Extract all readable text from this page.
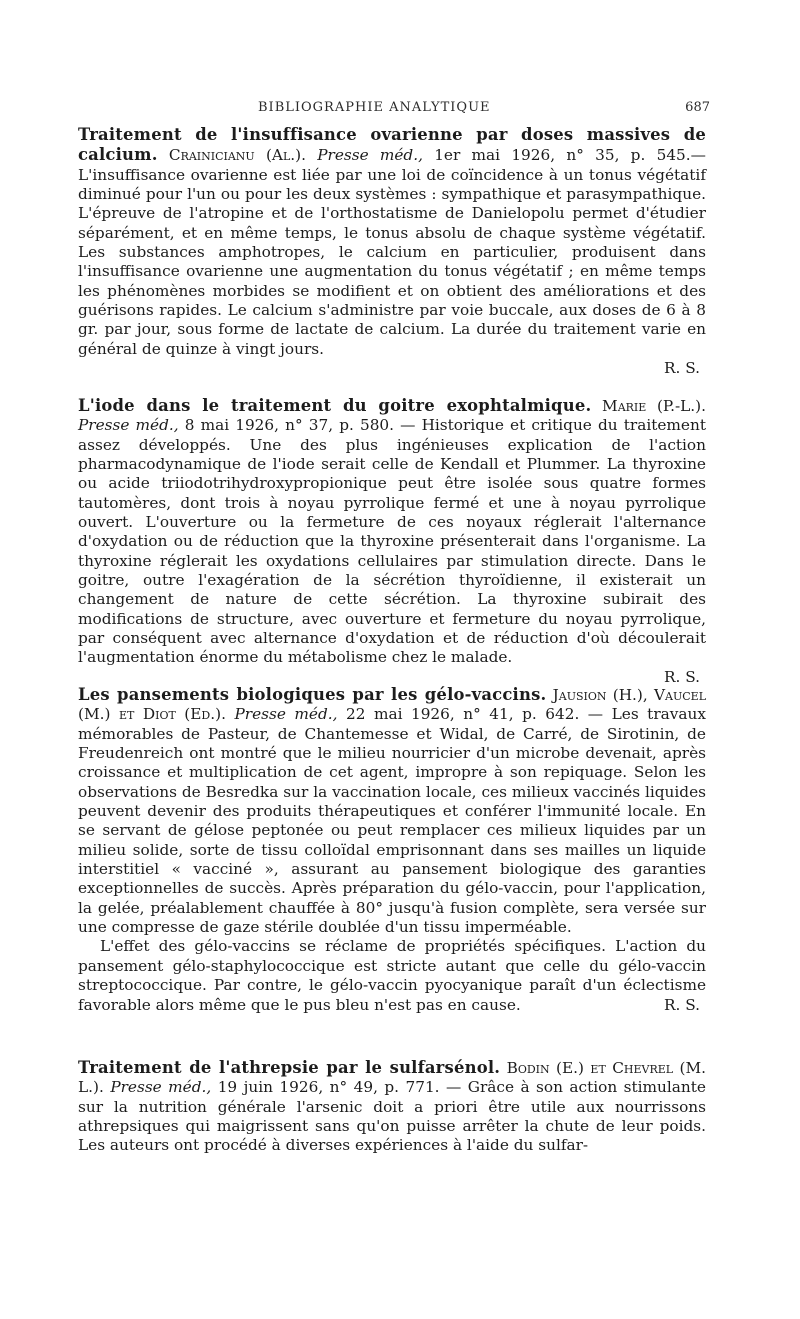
BIBLIOGRAPHIE ANALYTIQUE	687

Traitement de l'insuffisance ovarienne par doses massives de calcium. Crainicianu (Al.). Presse méd., 1er mai 1926, n° 35, p. 545.— L'insuffisance ovarienne est liée par une loi de coïncidence à un tonus végétatif diminué pour l'un ou pour les deux systèmes : sympathique et parasympathique. L'épreuve de l'atropine et de l'orthostatisme de Danielopolu permet d'étudier séparément, et en même temps, le tonus absolu de chaque système végétatif. Les substances amphotropes, le calcium en particulier, produisent dans l'insuffisance ovarienne une augmentation du tonus végétatif ; en même temps les phénomènes morbides se modifient et on obtient des améliorations et des guérisons rapides. Le calcium s'administre par voie buccale, aux doses de 6 à 8 gr. par jour, sous forme de lactate de calcium. La durée du traitement varie en général de quinze à vingt jours.

R. S.

L'iode dans le traitement du goitre exophtalmique. Marie (P.-L.). Presse méd., 8 mai 1926, n° 37, p. 580. — Historique et critique du traitement assez développés. Une des plus ingénieuses explication de l'action pharmacodynamique de l'iode serait celle de Kendall et Plummer. La thyroxine ou acide triiodotrihydroxypropionique peut être isolée sous quatre formes tautomères, dont trois à noyau pyrrolique fermé et une à noyau pyrrolique ouvert. L'ouverture ou la fermeture de ces noyaux réglerait l'alternance d'oxydation ou de réduction que la thyroxine présenterait dans l'organisme. La thyroxine réglerait les oxydations cellulaires par stimulation directe. Dans le goitre, outre l'exagération de la sécrétion thyroïdienne, il existerait un changement de nature de cette sécrétion. La thyroxine subirait des modifications de structure, avec ouverture et fermeture du noyau pyrrolique, par conséquent avec alternance d'oxydation et de réduction d'où découlerait l'augmentation énorme du métabolisme chez le malade.

R. S.

Les pansements biologiques par les gélo-vaccins. Jausion (H.), Vaucel (M.) et Diot (Ed.). Presse méd., 22 mai 1926, n° 41, p. 642. — Les travaux mémorables de Pasteur, de Chantemesse et Widal, de Carré, de Sirotinin, de Freudenreich ont montré que le milieu nourricier d'un microbe devenait, après croissance et multiplication de cet agent, impropre à son repiquage. Selon les observations de Besredka sur la vaccination locale, ces milieux vaccinés liquides peuvent devenir des produits thérapeutiques et conférer l'immunité locale. En se servant de gélose peptonée ou peut remplacer ces milieux liquides par un milieu solide, sorte de tissu colloïdal emprisonnant dans ses mailles un liquide interstitiel « vacciné », assurant au pansement biologique des garanties exceptionnelles de succès. Après préparation du gélo-vaccin, pour l'application, la gelée, préalablement chauffée à 80° jusqu'à fusion complète, sera versée sur une compresse de gaze stérile doublée d'un tissu imperméable.

L'effet des gélo-vaccins se réclame de propriétés spécifiques. L'action du pansement gélo-staphylococcique est stricte autant que celle du gélo-vaccin streptococcique. Par contre, le gélo-vaccin pyocyanique paraît d'un éclectisme favorable alors même que le pus bleu n'est pas en cause.	R. S.

Traitement de l'athrepsie par le sulfarsénol. Bodin (E.) et Chevrel (M. L.). Presse méd., 19 juin 1926, n° 49, p. 771. — Grâce à son action stimulante sur la nutrition générale l'arsenic doit a priori être utile aux nourrissons athrepsiques qui maigrissent sans qu'on puisse arrêter la chute de leur poids. Les auteurs ont procédé à diverses expériences à l'aide du sulfar-
